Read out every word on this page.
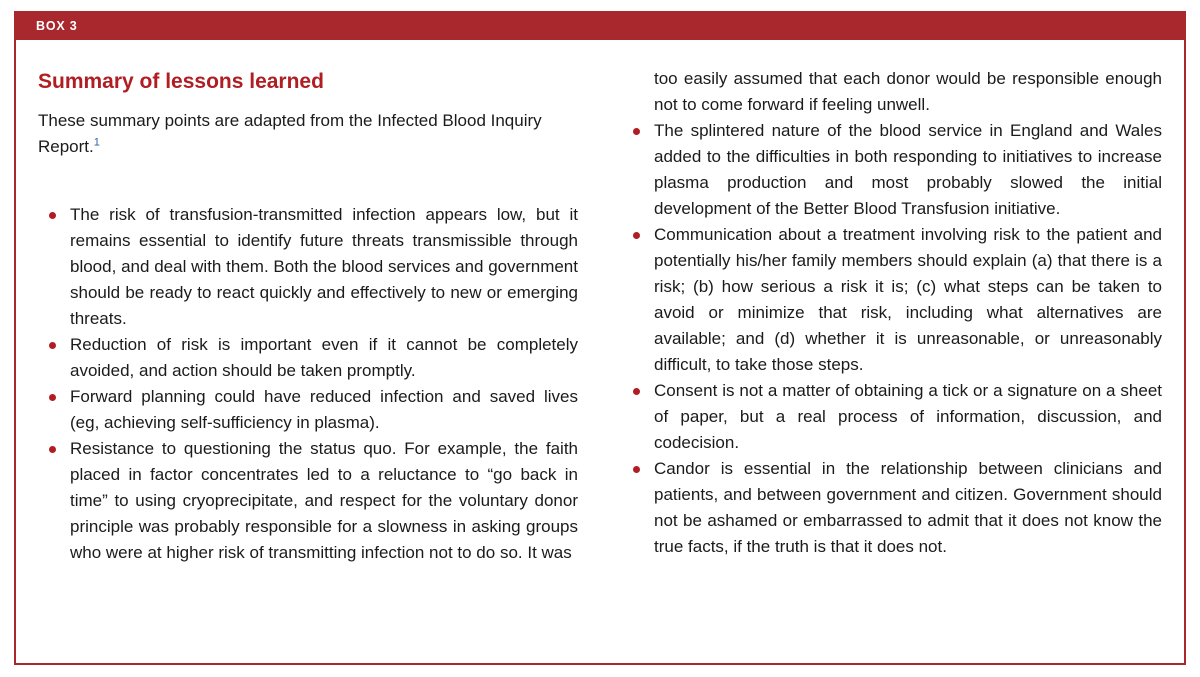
BOX 3
Summary of lessons learned

These summary points are adapted from the Infected Blood Inquiry Report.$^1$

The risk of transfusion-transmitted infection appears low, but it remains essential to identify future threats transmissible through blood, and deal with them. Both the blood services and government should be ready to react quickly and effectively to new or emerging threats.
Reduction of risk is important even if it cannot be completely avoided, and action should be taken promptly.
Forward planning could have reduced infection and saved lives (eg, achieving self-sufficiency in plasma).
Resistance to questioning the status quo. For example, the faith placed in factor concentrates led to a reluctance to “go back in time” to using cryoprecipitate, and respect for the voluntary donor principle was probably responsible for a slowness in asking groups who were at higher risk of transmitting infection not to do so. It was

too easily assumed that each donor would be responsible enough not to come forward if feeling unwell.

The splintered nature of the blood service in England and Wales added to the difficulties in both responding to initiatives to increase plasma production and most probably slowed the initial development of the Better Blood Transfusion initiative.
Communication about a treatment involving risk to the patient and potentially his/her family members should explain (a) that there is a risk; (b) how serious a risk it is; (c) what steps can be taken to avoid or minimize that risk, including what alternatives are available; and (d) whether it is unreasonable, or unreasonably difficult, to take those steps.
Consent is not a matter of obtaining a tick or a signature on a sheet of paper, but a real process of information, discussion, and codecision.
Candor is essential in the relationship between clinicians and patients, and between government and citizen. Government should not be ashamed or embarrassed to admit that it does not know the true facts, if the truth is that it does not.
